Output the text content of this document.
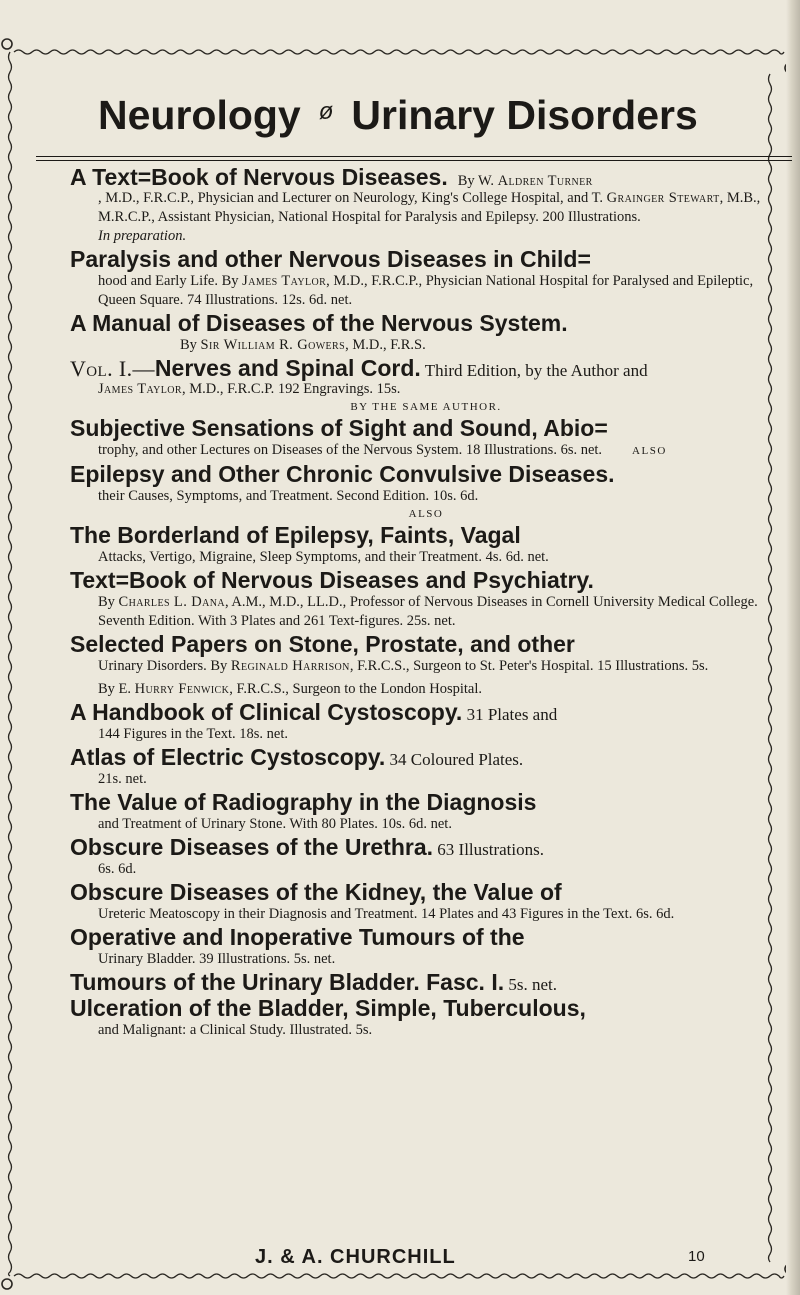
Neurology ø Urinary Disorders
A Text=Book of Nervous Diseases. By W. Aldren Turner
, M.D., F.R.C.P., Physician and Lecturer on Neurology, King's College Hospital, and T. Grainger Stewart, M.B., M.R.C.P., Assistant Physician, National Hospital for Paralysis and Epilepsy. 200 Illustrations.
In preparation.
Paralysis and other Nervous Diseases in Child=
hood and Early Life. By James Taylor, M.D., F.R.C.P., Physician National Hospital for Paralysed and Epileptic, Queen Square. 74 Illustrations. 12s. 6d. net.
A Manual of Diseases of the Nervous System.
By Sir William R. Gowers, M.D., F.R.S.
Vol. I.—Nerves and Spinal Cord. Third Edition, by the Author and
James Taylor, M.D., F.R.C.P. 192 Engravings. 15s.
BY THE SAME AUTHOR.
Subjective Sensations of Sight and Sound, Abio=
trophy, and other Lectures on Diseases of the Nervous System. 18 Illustrations. 6s. net.	ALSO
Epilepsy and Other Chronic Convulsive Diseases.
their Causes, Symptoms, and Treatment. Second Edition. 10s. 6d.
ALSO
The Borderland of Epilepsy, Faints, Vagal
Attacks, Vertigo, Migraine, Sleep Symptoms, and their Treatment. 4s. 6d. net.
Text=Book of Nervous Diseases and Psychiatry.
By Charles L. Dana, A.M., M.D., LL.D., Professor of Nervous Diseases in Cornell University Medical College. Seventh Edition. With 3 Plates and 261 Text-figures. 25s. net.
Selected Papers on Stone, Prostate, and other
Urinary Disorders. By Reginald Harrison, F.R.C.S., Surgeon to St. Peter's Hospital. 15 Illustrations. 5s.
By E. Hurry Fenwick, F.R.C.S., Surgeon to the London Hospital.
A Handbook of Clinical Cystoscopy. 31 Plates and
144 Figures in the Text. 18s. net.
Atlas of Electric Cystoscopy. 34 Coloured Plates.
21s. net.
The Value of Radiography in the Diagnosis
and Treatment of Urinary Stone. With 80 Plates. 10s. 6d. net.
Obscure Diseases of the Urethra. 63 Illustrations.
6s. 6d.
Obscure Diseases of the Kidney, the Value of
Ureteric Meatoscopy in their Diagnosis and Treatment. 14 Plates and 43 Figures in the Text. 6s. 6d.
Operative and Inoperative Tumours of the
Urinary Bladder. 39 Illustrations. 5s. net.
Tumours of the Urinary Bladder. Fasc. I. 5s. net.
Ulceration of the Bladder, Simple, Tuberculous,
and Malignant: a Clinical Study. Illustrated. 5s.
J. & A. CHURCHILL	10
